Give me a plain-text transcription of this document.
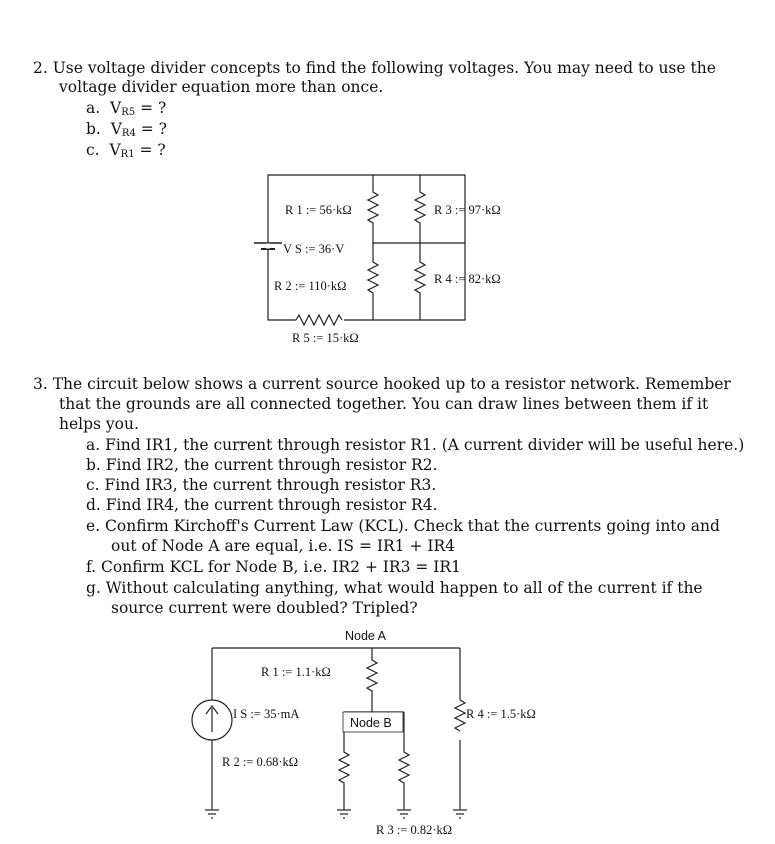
2. Use voltage divider concepts to find the following voltages. You may need to use the
voltage divider equation more than once.
a. $V_{R5}$ = ?
b. $V_{R4}$ = ?
c. $V_{R1}$ = ?
R 1 := 56·kΩ	R 3 := 97·kΩ
V S := 36·V
R 2 := 110·kΩ	R 4 := 82·kΩ
R 5 := 15·kΩ
Node A
Node B
R 1 := 1.1·kΩ
I S := 35·mA	R 4 := 1.5·kΩ
R 2 := 0.68·kΩ
R 3 := 0.82·kΩ
3. The circuit below shows a current source hooked up to a resistor network. Remember
that the grounds are all connected together. You can draw lines between them if it
helps you.
a. Find IR1, the current through resistor R1. (A current divider will be useful here.)
b. Find IR2, the current through resistor R2.
c. Find IR3, the current through resistor R3.
d. Find IR4, the current through resistor R4.
e. Confirm Kirchoff's Current Law (KCL). Check that the currents going into and
out of Node A are equal, i.e. IS = IR1 + IR4
f. Confirm KCL for Node B, i.e. IR2 + IR3 = IR1
g. Without calculating anything, what would happen to all of the current if the
source current were doubled? Tripled?
